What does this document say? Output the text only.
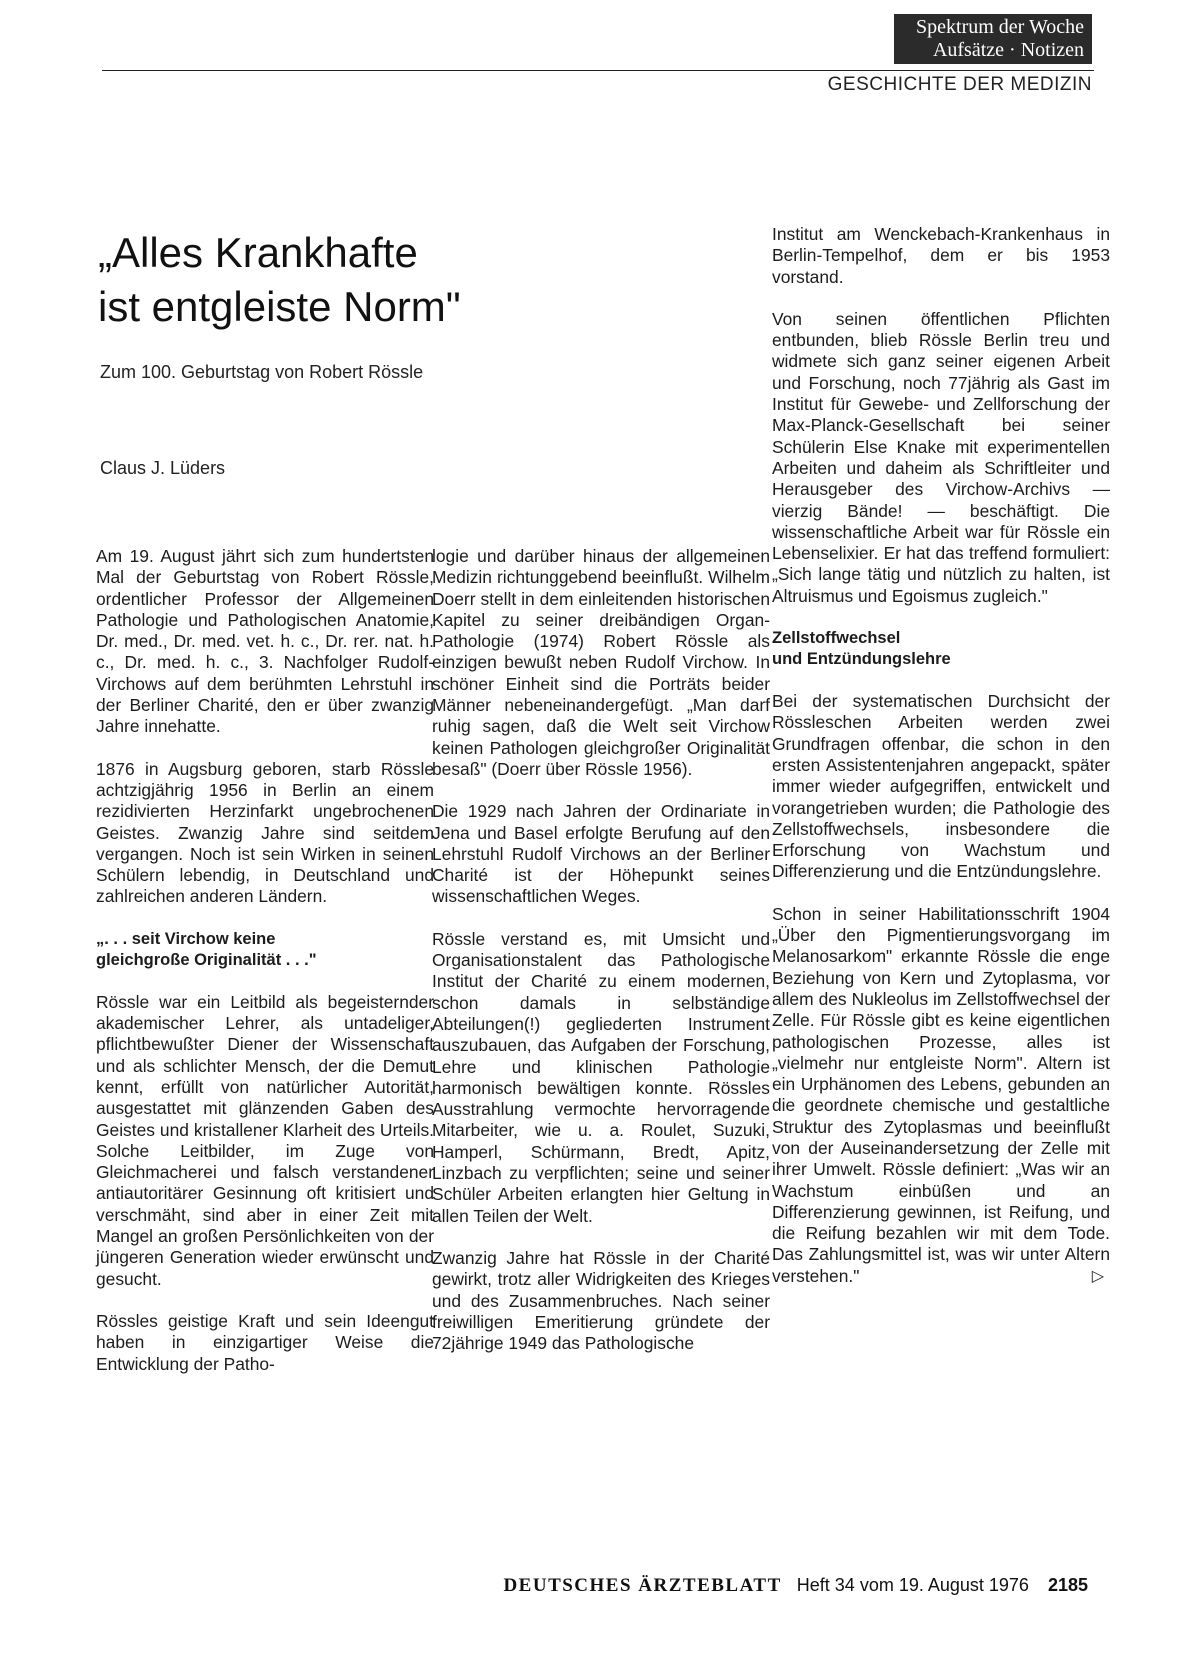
Spektrum der Woche
Aufsätze · Notizen
GESCHICHTE DER MEDIZIN
„Alles Krankhafte
ist entgleiste Norm"
Zum 100. Geburtstag von Robert Rössle
Claus J. Lüders

Am 19. August jährt sich zum hundertsten Mal der Geburtstag von Robert Rössle, ordentlicher Professor der Allgemeinen Pathologie und Pathologischen Anatomie, Dr. med., Dr. med. vet. h. c., Dr. rer. nat. h. c., Dr. med. h. c., 3. Nachfolger Rudolf-Virchows auf dem berühmten Lehrstuhl in der Berliner Charité, den er über zwanzig Jahre innehatte.

1876 in Augsburg geboren, starb Rössle achtzigjährig 1956 in Berlin an einem rezidivierten Herzinfarkt ungebrochenen Geistes. Zwanzig Jahre sind seitdem vergangen. Noch ist sein Wirken in seinen Schülern lebendig, in Deutschland und zahlreichen anderen Ländern.

„. . . seit Virchow keine
gleichgroße Originalität . . ."

Rössle war ein Leitbild als begeisternder akademischer Lehrer, als untadeliger, pflichtbewußter Diener der Wissenschaft und als schlichter Mensch, der die Demut kennt, erfüllt von natürlicher Autorität, ausgestattet mit glänzenden Gaben des Geistes und kristallener Klarheit des Urteils. Solche Leitbilder, im Zuge von Gleichmacherei und falsch verstandener antiautoritärer Gesinnung oft kritisiert und verschmäht, sind aber in einer Zeit mit Mangel an großen Persönlichkeiten von der jüngeren Generation wieder erwünscht und gesucht.

Rössles geistige Kraft und sein Ideengut haben in einzigartiger Weise die Entwicklung der Patho-

logie und darüber hinaus der allgemeinen Medizin richtunggebend beeinflußt. Wilhelm Doerr stellt in dem einleitenden historischen Kapitel zu seiner dreibändigen Organ-Pathologie (1974) Robert Rössle als einzigen bewußt neben Rudolf Virchow. In schöner Einheit sind die Porträts beider Männer nebeneinandergefügt. „Man darf ruhig sagen, daß die Welt seit Virchow keinen Pathologen gleichgroßer Originalität besaß" (Doerr über Rössle 1956).

Die 1929 nach Jahren der Ordinariate in Jena und Basel erfolgte Berufung auf den Lehrstuhl Rudolf Virchows an der Berliner Charité ist der Höhepunkt seines wissenschaftlichen Weges.

Rössle verstand es, mit Umsicht und Organisationstalent das Pathologische Institut der Charité zu einem modernen, schon damals in selbständige Abteilungen(!) gegliederten Instrument auszubauen, das Aufgaben der Forschung, Lehre und klinischen Pathologie harmonisch bewältigen konnte. Rössles Ausstrahlung vermochte hervorragende Mitarbeiter, wie u. a. Roulet, Suzuki, Hamperl, Schürmann, Bredt, Apitz, Linzbach zu verpflichten; seine und seiner Schüler Arbeiten erlangten hier Geltung in allen Teilen der Welt.

Zwanzig Jahre hat Rössle in der Charité gewirkt, trotz aller Widrigkeiten des Krieges und des Zusammenbruches. Nach seiner freiwilligen Emeritierung gründete der 72jährige 1949 das Pathologische

Institut am Wenckebach-Krankenhaus in Berlin-Tempelhof, dem er bis 1953 vorstand.

Von seinen öffentlichen Pflichten entbunden, blieb Rössle Berlin treu und widmete sich ganz seiner eigenen Arbeit und Forschung, noch 77jährig als Gast im Institut für Gewebe- und Zellforschung der Max-Planck-Gesellschaft bei seiner Schülerin Else Knake mit experimentellen Arbeiten und daheim als Schriftleiter und Herausgeber des Virchow-Archivs — vierzig Bände! — beschäftigt. Die wissenschaftliche Arbeit war für Rössle ein Lebenselixier. Er hat das treffend formuliert: „Sich lange tätig und nützlich zu halten, ist Altruismus und Egoismus zugleich."

Zellstoffwechsel
und Entzündungslehre

Bei der systematischen Durchsicht der Rössleschen Arbeiten werden zwei Grundfragen offenbar, die schon in den ersten Assistentenjahren angepackt, später immer wieder aufgegriffen, entwickelt und vorangetrieben wurden; die Pathologie des Zellstoffwechsels, insbesondere die Erforschung von Wachstum und Differenzierung und die Entzündungslehre.

Schon in seiner Habilitationsschrift 1904 „Über den Pigmentierungsvorgang im Melanosarkom" erkannte Rössle die enge Beziehung von Kern und Zytoplasma, vor allem des Nukleolus im Zellstoffwechsel der Zelle. Für Rössle gibt es keine eigentlichen pathologischen Prozesse, alles ist „vielmehr nur entgleiste Norm". Altern ist ein Urphänomen des Lebens, gebunden an die geordnete chemische und gestaltliche Struktur des Zytoplasmas und beeinflußt von der Auseinandersetzung der Zelle mit ihrer Umwelt. Rössle definiert: „Was wir an Wachstum einbüßen und an Differenzierung gewinnen, ist Reifung, und die Reifung bezahlen wir mit dem Tode. Das Zahlungsmittel ist, was wir unter Altern verstehen."	▷

DEUTSCHES ÄRZTEBLATT Heft 34 vom 19. August 1976 2185
